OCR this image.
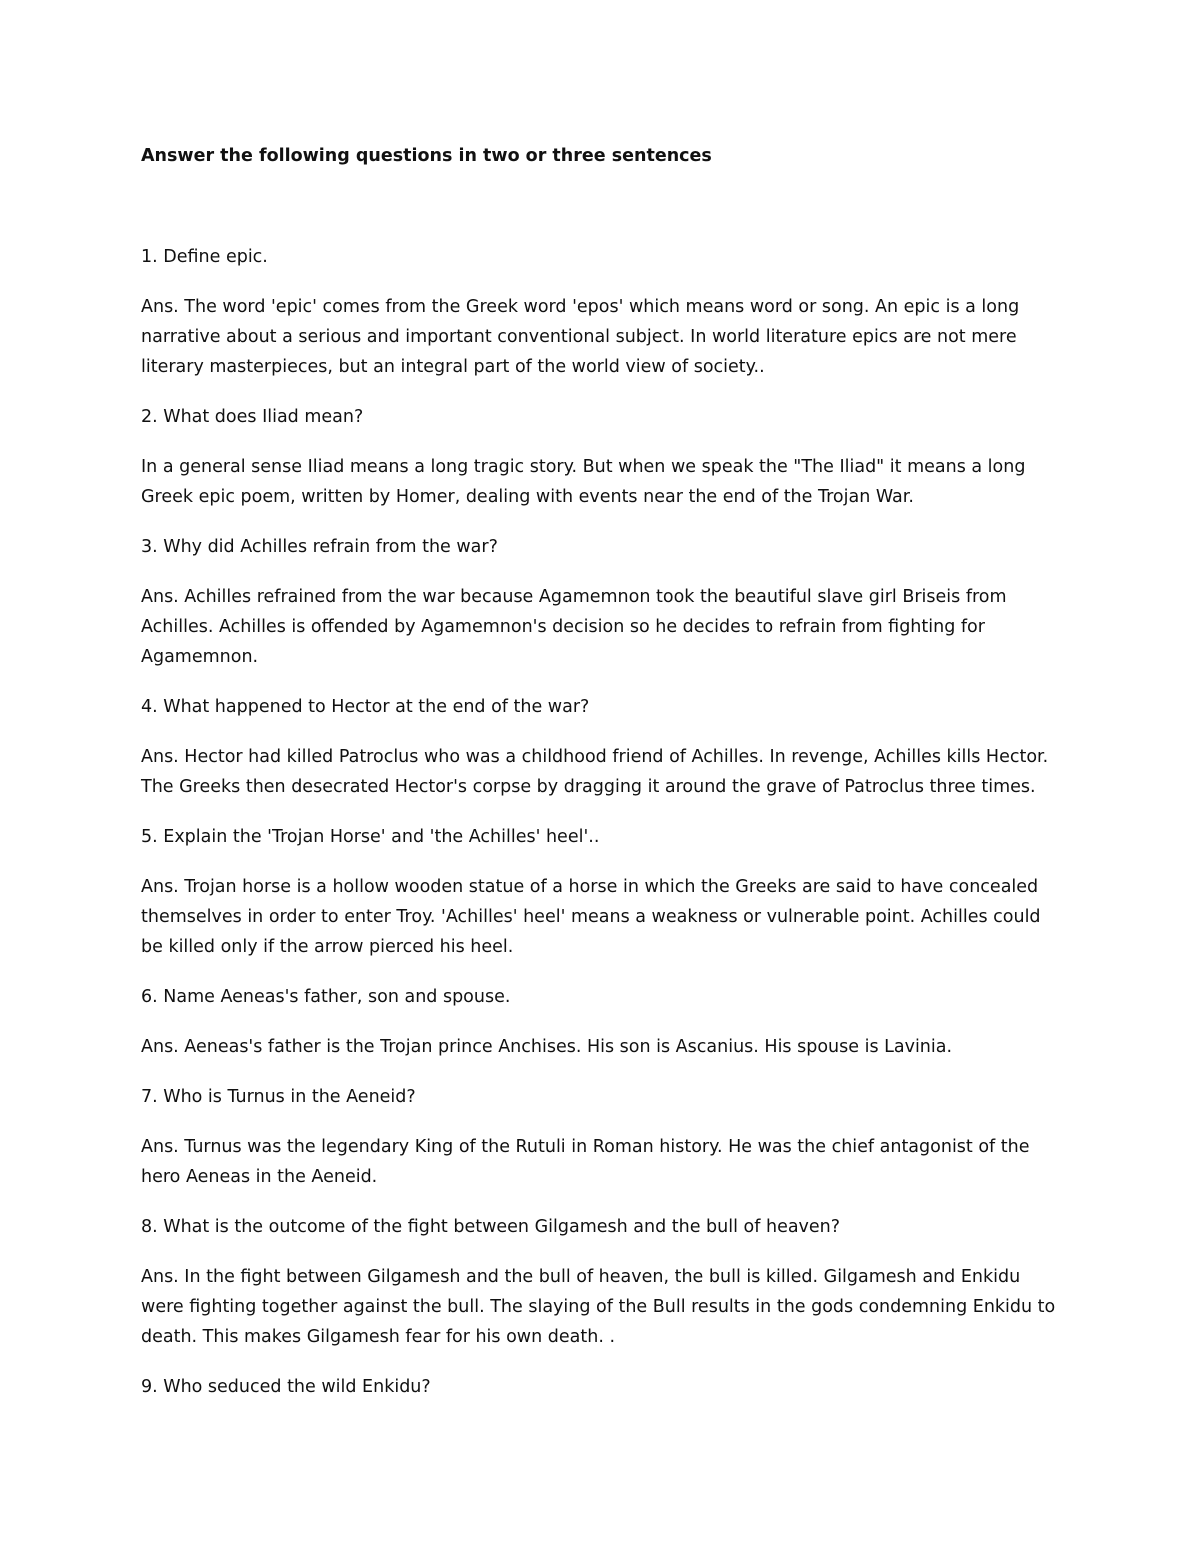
Answer the following questions in two or three sentences

1. Define epic.

Ans. The word 'epic' comes from the Greek word 'epos' which means word or song. An epic is a long narrative about a serious and important conventional subject. In world literature epics are not mere literary masterpieces, but an integral part of the world view of society..

2. What does Iliad mean?

In a general sense Iliad means a long tragic story. But when we speak the "The Iliad" it means a long Greek epic poem, written by Homer, dealing with events near the end of the Trojan War.

3. Why did Achilles refrain from the war?

Ans. Achilles refrained from the war because Agamemnon took the beautiful slave girl Briseis from Achilles. Achilles is offended by Agamemnon's decision so he decides to refrain from fighting for Agamemnon.

4. What happened to Hector at the end of the war?

Ans. Hector had killed Patroclus who was a childhood friend of Achilles. In revenge, Achilles kills Hector. The Greeks then desecrated Hector's corpse by dragging it around the grave of Patroclus three times.

5. Explain the 'Trojan Horse' and 'the Achilles' heel'..

Ans. Trojan horse is a hollow wooden statue of a horse in which the Greeks are said to have concealed themselves in order to enter Troy. 'Achilles' heel' means a weakness or vulnerable point. Achilles could be killed only if the arrow pierced his heel.

6. Name Aeneas's father, son and spouse.

Ans. Aeneas's father is the Trojan prince Anchises. His son is Ascanius. His spouse is Lavinia.

7. Who is Turnus in the Aeneid?

Ans. Turnus was the legendary King of the Rutuli in Roman history. He was the chief antagonist of the hero Aeneas in the Aeneid.

8. What is the outcome of the fight between Gilgamesh and the bull of heaven?

Ans. In the fight between Gilgamesh and the bull of heaven, the bull is killed. Gilgamesh and Enkidu were fighting together against the bull. The slaying of the Bull results in the gods condemning Enkidu to death. This makes Gilgamesh fear for his own death. .

9. Who seduced the wild Enkidu?
